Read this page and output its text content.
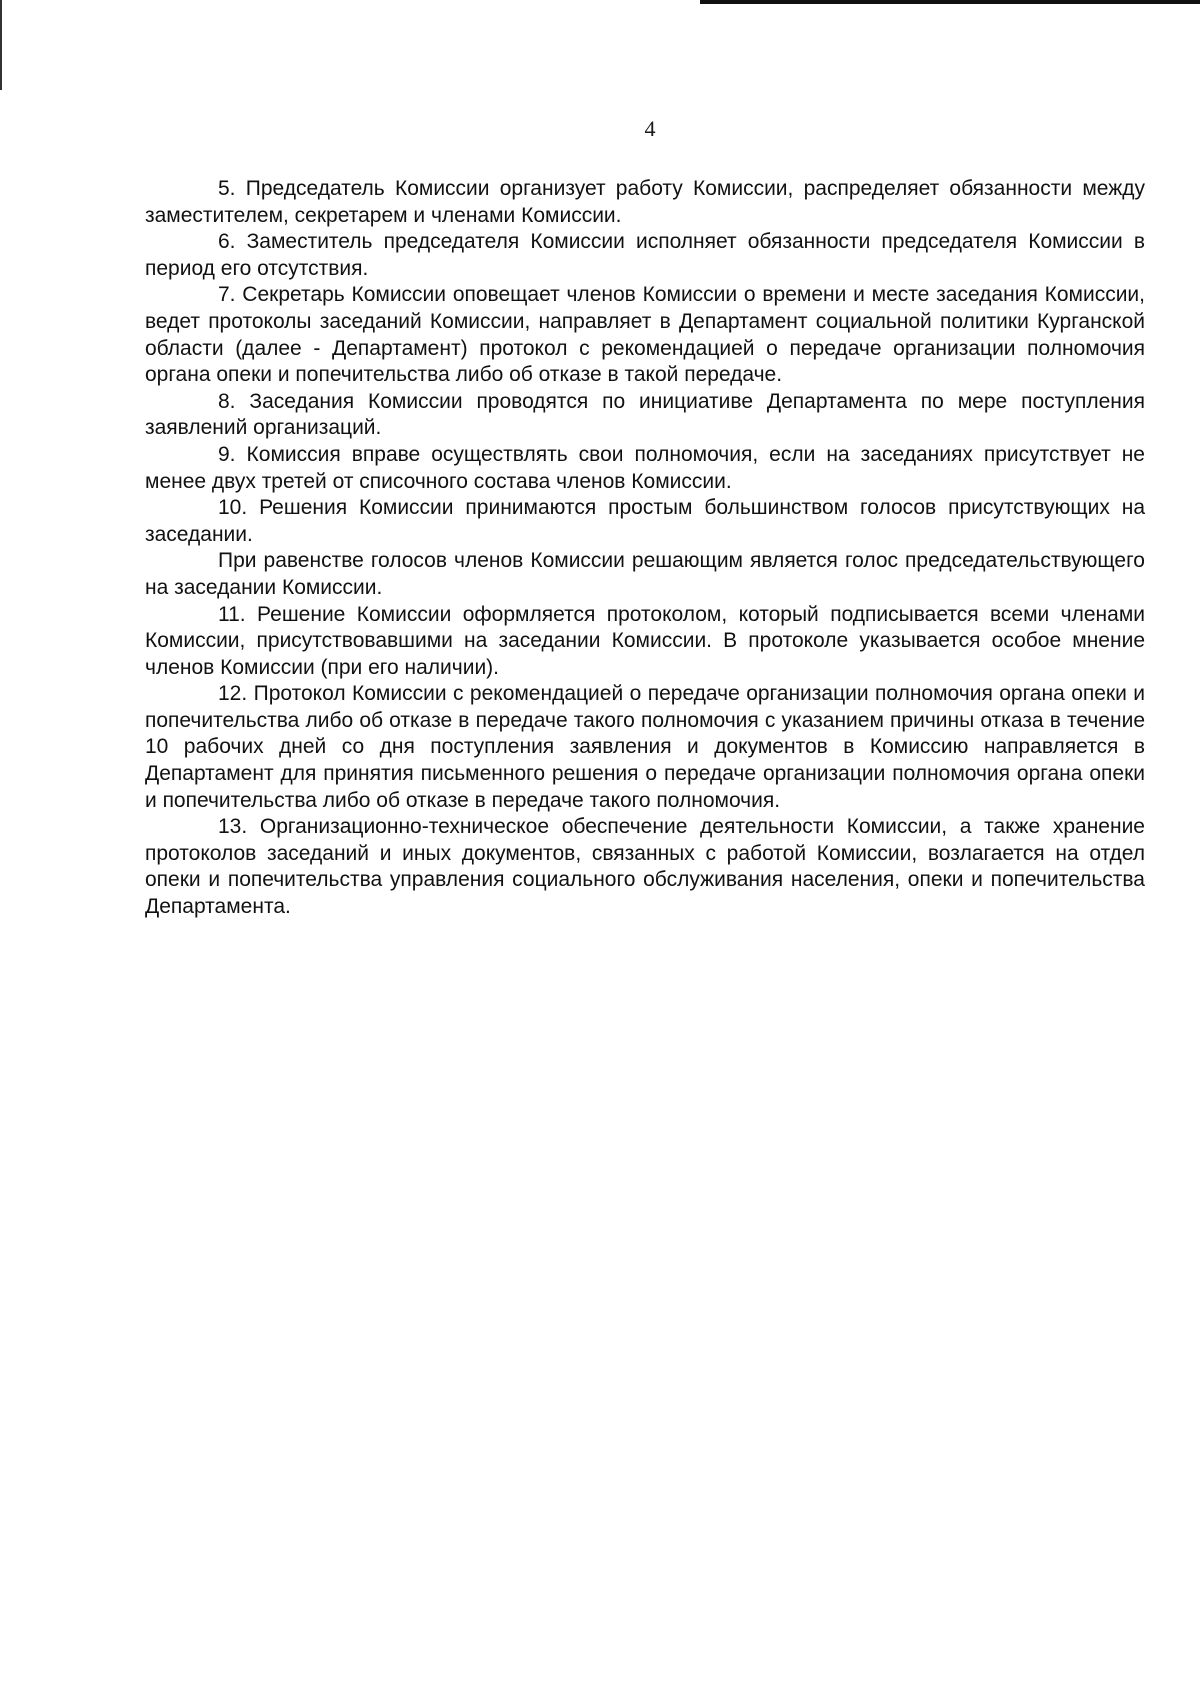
4

5. Председатель Комиссии организует работу Комиссии, распределяет обязанности между заместителем, секретарем и членами Комиссии.

6. Заместитель председателя Комиссии исполняет обязанности председателя Комиссии в период его отсутствия.

7. Секретарь Комиссии оповещает членов Комиссии о времени и месте заседания Комиссии, ведет протоколы заседаний Комиссии, направляет в Департамент социальной политики Курганской области (далее - Департамент) протокол с рекомендацией о передаче организации полномочия органа опеки и попечительства либо об отказе в такой передаче.

8. Заседания Комиссии проводятся по инициативе Департамента по мере поступления заявлений организаций.

9. Комиссия вправе осуществлять свои полномочия, если на заседаниях присутствует не менее двух третей от списочного состава членов Комиссии.

10. Решения Комиссии принимаются простым большинством голосов присутствующих на заседании.

При равенстве голосов членов Комиссии решающим является голос председательствующего на заседании Комиссии.

11. Решение Комиссии оформляется протоколом, который подписывается всеми членами Комиссии, присутствовавшими на заседании Комиссии. В протоколе указывается особое мнение членов Комиссии (при его наличии).

12. Протокол Комиссии с рекомендацией о передаче организации полномочия органа опеки и попечительства либо об отказе в передаче такого полномочия с указанием причины отказа в течение 10 рабочих дней со дня поступления заявления и документов в Комиссию направляется в Департамент для принятия письменного решения о передаче организации полномочия органа опеки и попечительства либо об отказе в передаче такого полномочия.

13. Организационно-техническое обеспечение деятельности Комиссии, а также хранение протоколов заседаний и иных документов, связанных с работой Комиссии, возлагается на отдел опеки и попечительства управления социального обслуживания населения, опеки и попечительства Департамента.
